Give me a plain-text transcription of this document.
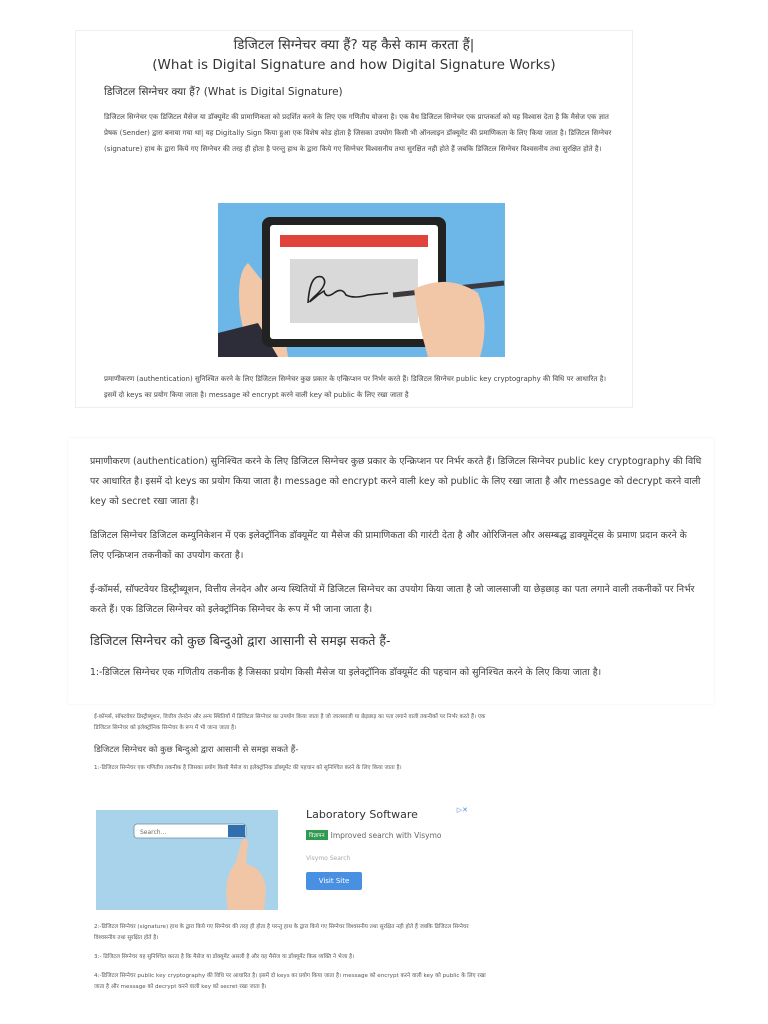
डिजिटल सिग्नेचर क्या हैं? यह कैसे काम करता हैं|
(What is Digital Signature and how Digital Signature Works)
डिजिटल सिग्नेचर क्या हैं? (What is Digital Signature)
डिजिटल सिग्नेचर एक डिजिटल मैसेज या डॉक्यूमेंट की प्रामाणिकता को प्रदर्शित करने के लिए एक गणितीय योजना है। एक वैध डिजिटल सिग्नेचर एक प्राप्तकर्ता को यह विश्वास देता है कि मैसेज एक ज्ञात प्रेषक (Sender) द्वारा बनाया गया था| यह Digitally Sign किया हुआ एक विशेष कोड होता है जिसका उपयोग किसी भी ऑनलाइन डॉक्यूमेंट की प्रमाणिकता के लिए किया जाता है। डिजिटल सिग्नेचर (signature) हाथ के द्वारा किये गए सिग्नेचर की तरह ही होता है परन्तु हाथ के द्वारा किये गए सिग्नेचर विश्वसनीय तथा सुरक्षित नही होते हैं जबकि डिजिटल सिग्नेचर विश्वसनीय तथा सुरक्षित होते है।
प्रमाणीकरण (authentication) सुनिश्चित करने के लिए डिजिटल सिग्नेचर कुछ प्रकार के एन्क्रिप्शन पर निर्भर करते हैं। डिजिटल सिग्नेचर public key cryptography की विधि पर आधारित है। इसमें दो keys का प्रयोग किया जाता है। message को encrypt करने वाली key को public के लिए रखा जाता है
प्रमाणीकरण (authentication) सुनिश्चित करने के लिए डिजिटल सिग्नेचर कुछ प्रकार के एन्क्रिप्शन पर निर्भर करते हैं। डिजिटल सिग्नेचर public key cryptography की विधि पर आधारित है। इसमें दो keys का प्रयोग किया जाता है। message को encrypt करने वाली key को public के लिए रखा जाता है और message को decrypt करने वाली key को secret रखा जाता है।
डिजिटल सिग्नेचर डिजिटल कम्युनिकेशन में एक इलेक्ट्रॉनिक डॉक्यूमेंट या मैसेज की प्रामाणिकता की गारंटी देता है और ओरिजिनल और असम्बद्ध डाक्यूमेंट्स के प्रमाण प्रदान करने के लिए एन्क्रिप्शन तकनीकों का उपयोग करता है।
ई-कॉमर्स, सॉफ्टवेयर डिस्ट्रीब्यूशन, वित्तीय लेनदेन और अन्य स्थितियों में डिजिटल सिग्नेचर का उपयोग किया जाता है जो जालसाजी या छेड़छाड़ का पता लगाने वाली तकनीकों पर निर्भर करते हैं। एक डिजिटल सिग्नेचर को इलेक्ट्रॉनिक सिग्नेचर के रूप में भी जाना जाता है।
डिजिटल सिग्नेचर को कुछ बिन्दुओ द्वारा आसानी से समझ सकते हैं-
1:-डिजिटल सिग्नेचर एक गणितीय तकनीक है जिसका प्रयोग किसी मैसेज या इलेक्ट्रॉनिक डॉक्यूमेंट की पहचान को सुनिश्चित करने के लिए किया जाता है।
ई-कॉमर्स, सॉफ्टवेयर डिस्ट्रीब्यूशन, वित्तीय लेनदेन और अन्य स्थितियों में डिजिटल सिग्नेचर का उपयोग किया जाता है जो जालसाजी या छेड़छाड़ का पता लगाने वाली तकनीकों पर निर्भर करते हैं। एक डिजिटल सिग्नेचर को इलेक्ट्रॉनिक सिग्नेचर के रूप में भी जाना जाता है।
डिजिटल सिग्नेचर को कुछ बिन्दुओ द्वारा आसानी से समझ सकते हैं-
1:-डिजिटल सिग्नेचर एक गणितीय तकनीक है जिसका प्रयोग किसी मैसेज या इलेक्ट्रॉनिक डॉक्यूमेंट की पहचान को सुनिश्चित करने के लिए किया जाता है।
Search...
Laboratory Software	▷✕
विज्ञापन Improved search with Visymo
Visymo Search
Visit Site
2:-डिजिटल सिग्नेचर (signature) हाथ के द्वारा किये गए सिग्नेचर की तरह ही होता है परन्तु हाथ के द्वारा किये गए सिग्नेचर विश्वसनीय तथा सुरक्षित नही होते हैं जबकि डिजिटल सिग्नेचर विश्वसनीय तथा सुरक्षित होते है।
3:- डिजिटल सिग्नेचर यह सुनिश्चित करता है कि मैसेज या डॉक्यूमेंट असली है और यह मैसेज या डॉक्यूमेंट किस व्यक्ति ने भेजा है।
4:-डिजिटल सिग्नेचर public key cryptography की विधि पर आधारित है। इसमें दो keys का प्रयोग किया जाता है। message को encrypt करने वाली key को public के लिए रखा जाता है और message को decrypt करने वाली key को secret रखा जाता है।
